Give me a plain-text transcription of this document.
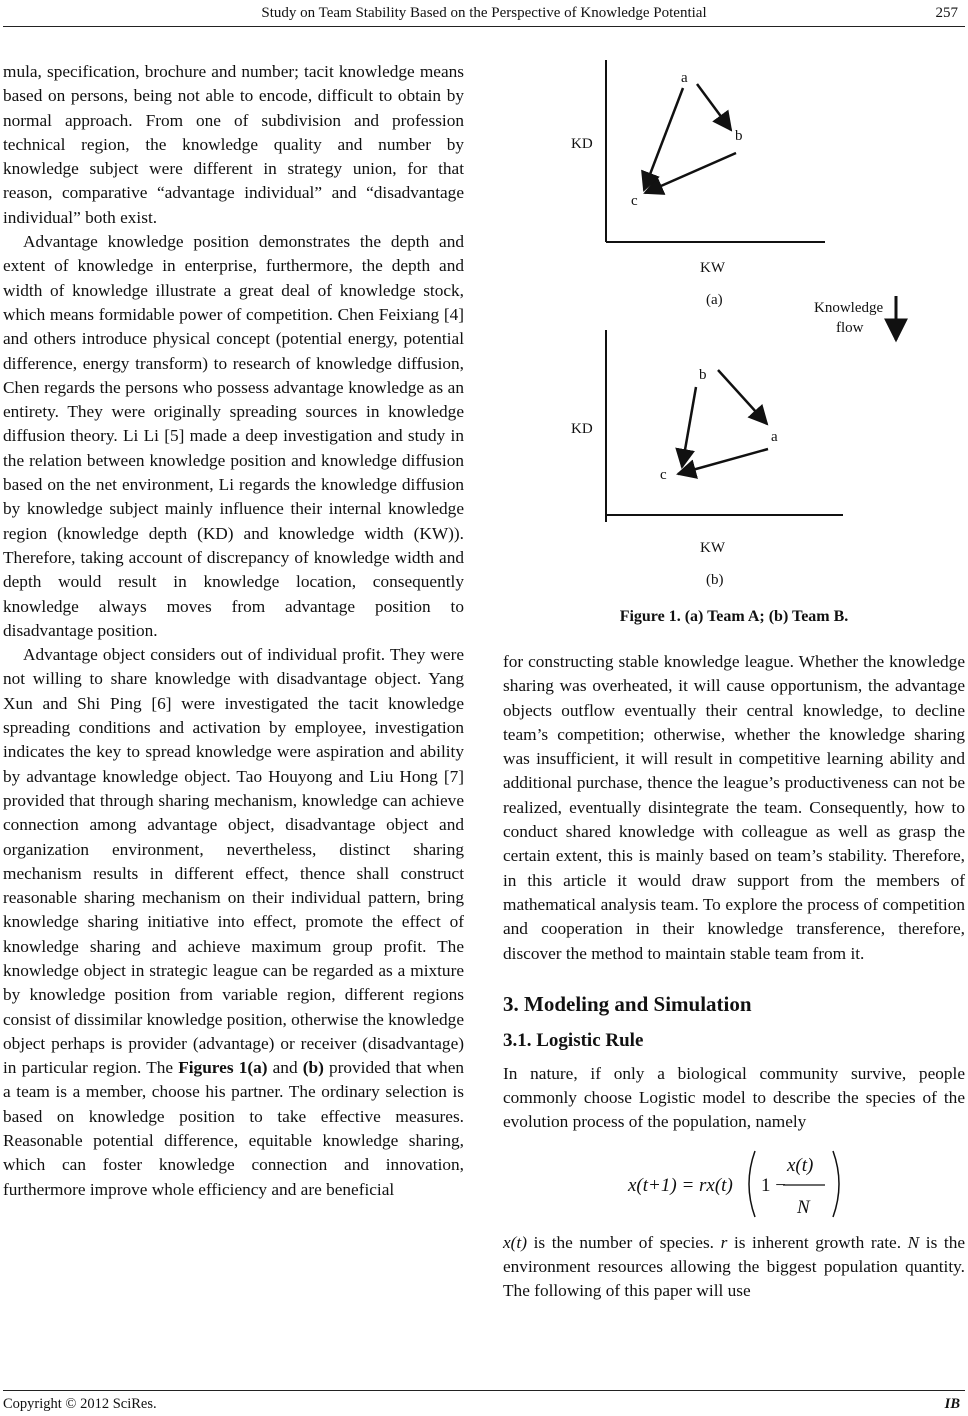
Study on Team Stability Based on the Perspective of Knowledge Potential	257

mula, specification, brochure and number; tacit knowledge means based on persons, being not able to encode, difficult to obtain by normal approach. From one of subdivision and profession technical region, the knowledge quality and number by knowledge subject were different in strategy union, for that reason, comparative “advantage individual” and “disadvantage individual” both exist.

Advantage knowledge position demonstrates the depth and extent of knowledge in enterprise, furthermore, the depth and width of knowledge illustrate a great deal of knowledge stock, which means formidable power of competition. Chen Feixiang [4] and others introduce physical concept (potential energy, potential difference, energy transform) to research of knowledge diffusion, Chen regards the persons who possess advantage knowledge as an entirety. They were originally spreading sources in knowledge diffusion theory. Li Li [5] made a deep investigation and study in the relation between knowledge position and knowledge diffusion based on the net environment, Li regards the knowledge diffusion by knowledge subject mainly influence their internal knowledge region (knowledge depth (KD) and knowledge width (KW)). Therefore, taking account of discrepancy of knowledge width and depth would result in knowledge location, consequently knowledge always moves from advantage position to disadvantage position.

Advantage object considers out of individual profit. They were not willing to share knowledge with disadvantage object. Yang Xun and Shi Ping [6] were investigated the tacit knowledge spreading conditions and activation by employee, investigation indicates the key to spread knowledge were aspiration and ability by advantage knowledge object. Tao Houyong and Liu Hong [7] provided that through sharing mechanism, knowledge can achieve connection among advantage object, disadvantage object and organization environment, nevertheless, distinct sharing mechanism results in different effect, thence shall construct reasonable sharing mechanism on their individual pattern, bring knowledge sharing initiative into effect, promote the effect of knowledge sharing and achieve maximum group profit. The knowledge object in strategic league can be regarded as a mixture by knowledge position from variable region, different regions consist of dissimilar knowledge position, otherwise the knowledge object perhaps is provider (advantage) or receiver (disadvantage) in particular region. The Figures 1(a) and (b) provided that when a team is a member, choose his partner. The ordinary selection is based on knowledge position to take effective measures. Reasonable potential difference, equitable knowledge sharing, which can foster knowledge connection and innovation, furthermore improve whole efficiency and are beneficial

KD
KW
a
b
c
(a)	Knowledge
flow
KD
KW
b
a
c
(b)
Figure 1. (a) Team A; (b) Team B.

for constructing stable knowledge league. Whether the knowledge sharing was overheated, it will cause opportunism, the advantage objects outflow eventually their central knowledge, to decline team’s competition; otherwise, whether the knowledge sharing was insufficient, it will result in competitive learning ability and additional purchase, thence the league’s productiveness can not be realized, eventually disintegrate the team. Consequently, how to conduct shared knowledge with colleague as well as grasp the certain extent, this is mainly based on team’s stability. Therefore, in this article it would draw support from the members of mathematical analysis team. To explore the process of competition and cooperation in their knowledge transference, therefore, discover the method to maintain stable team from it.

3. Modeling and Simulation
3.1. Logistic Rule

In nature, if only a biological community survive, people commonly choose Logistic model to describe the species of the evolution process of the population, namely

x(t+1) = rx(t) 1 −
x(t)
N

x(t) is the number of species. r is inherent growth rate. N is the environment resources allowing the biggest population quantity. The following of this paper will use

Copyright © 2012 SciRes.	IB
